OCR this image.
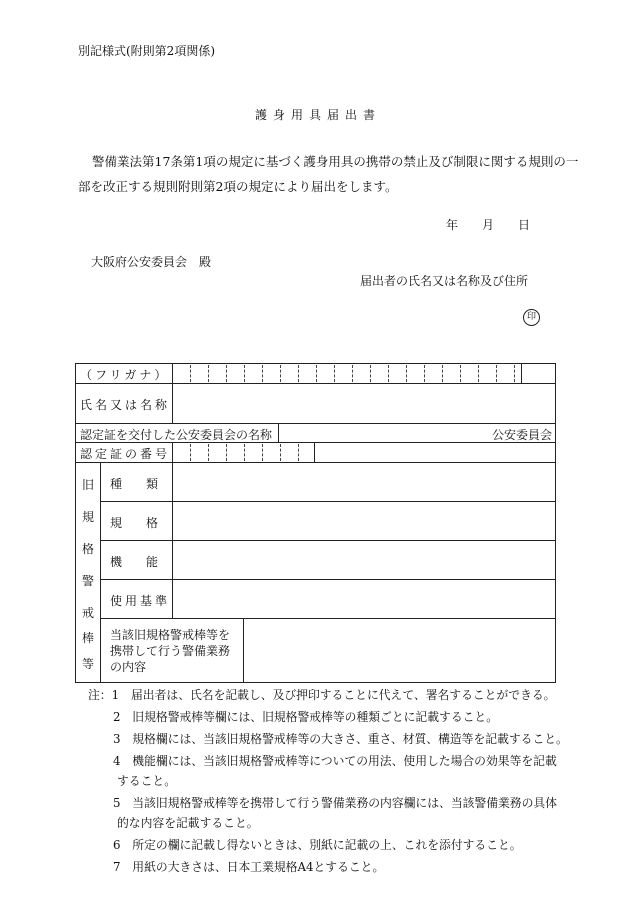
別記様式(附則第2項関係)
護身用具届出書
警備業法第17条第1項の規定に基づく護身用具の携帯の禁止及び制限に関する規則の一
部を改正する規則附則第2項の規定により届出をします。
年 月 日
大阪府公安委員会　殿
届出者の氏名又は名称及び住所
印
（フリガナ）
氏名又は名称
認定証を交付した公安委員会の名称	公安委員会
認定証の番号
旧
規
格
警
戒
棒
等
種　　類
規　　格
機　　能
使用基準
当該旧規格警戒棒等を
携帯して行う警備業務
の内容
注：1 届出者は、氏名を記載し、及び押印することに代えて、署名することができる。
2　旧規格警戒棒等欄には、旧規格警戒棒等の種類ごとに記載すること。
3　規格欄には、当該旧規格警戒棒等の大きさ、重さ、材質、構造等を記載すること。
4　機能欄には、当該旧規格警戒棒等についての用法、使用した場合の効果等を記載
すること。
5　当該旧規格警戒棒等を携帯して行う警備業務の内容欄には、当該警備業務の具体
的な内容を記載すること。
6　所定の欄に記載し得ないときは、別紙に記載の上、これを添付すること。
7　用紙の大きさは、日本工業規格A4とすること。
